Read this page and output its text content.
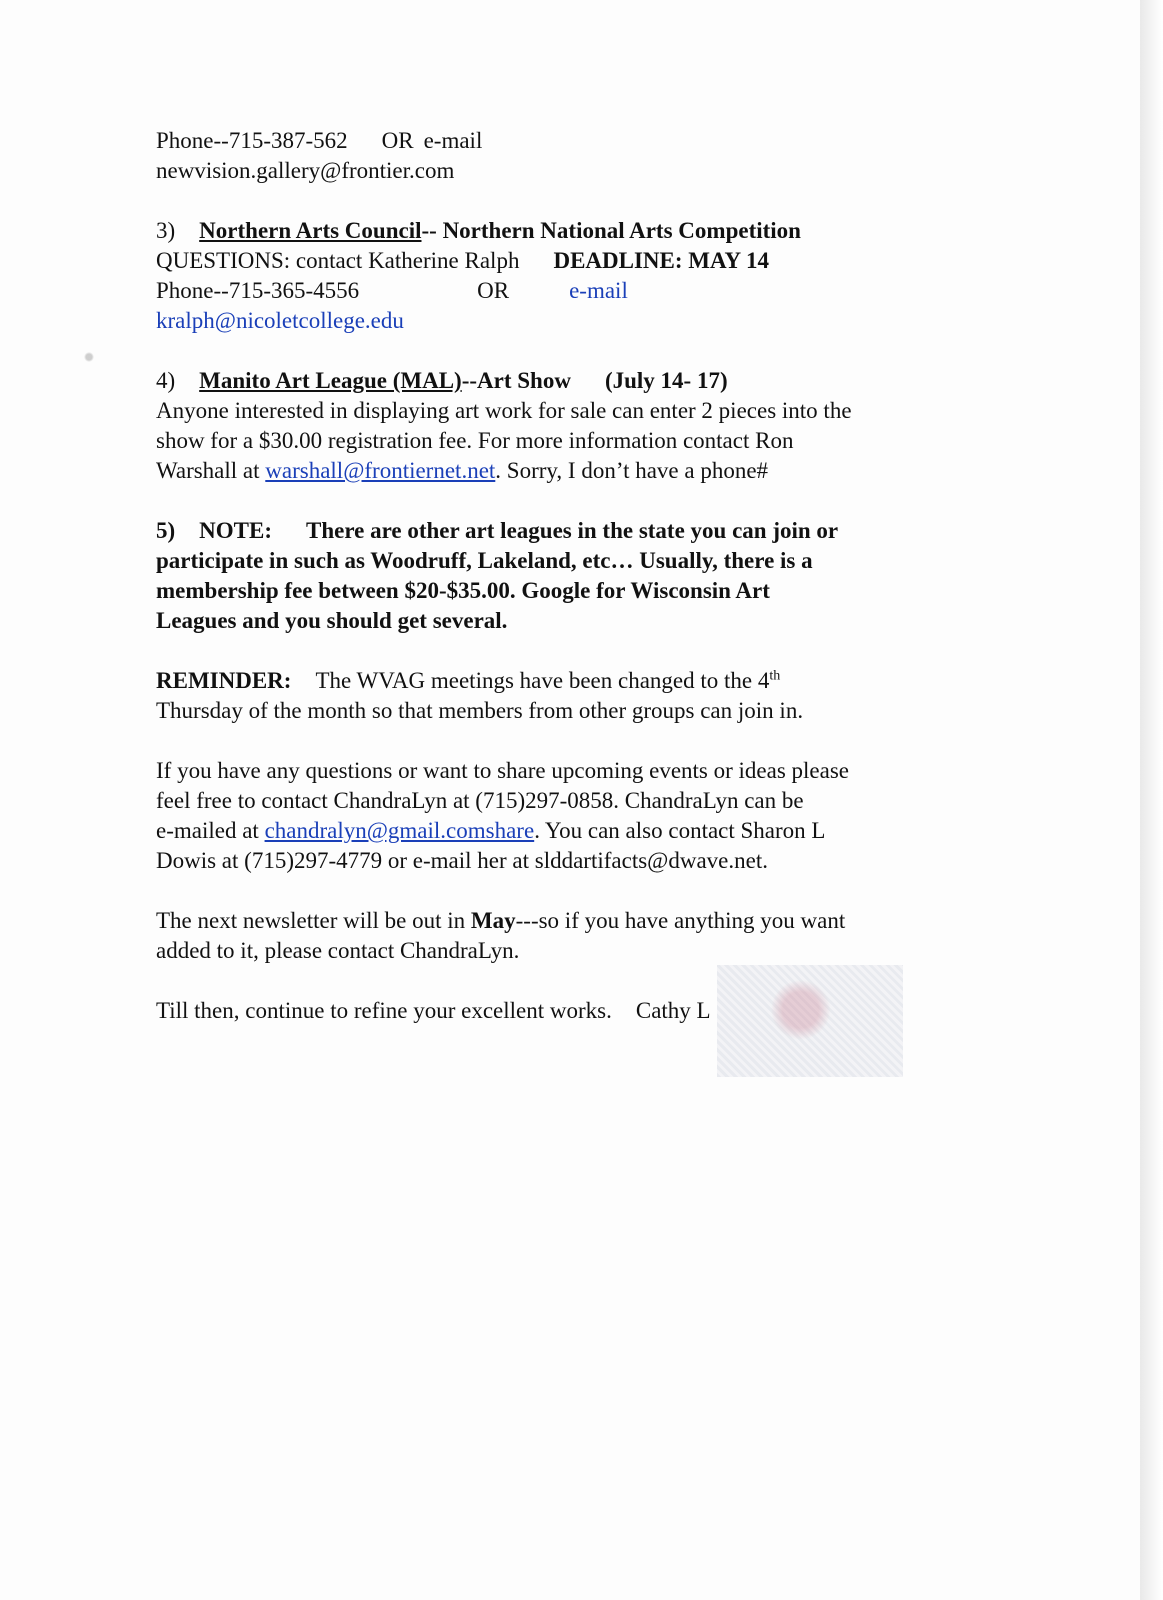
Phone--715-387-562 OR e-mail
newvision.gallery@frontier.com
3) Northern Arts Council-- Northern National Arts Competition
QUESTIONS: contact Katherine Ralph DEADLINE: MAY 14
Phone--715-365-4556	OR	e-mail
kralph@nicoletcollege.edu
4) Manito Art League (MAL)--Art Show (July 14- 17)
Anyone interested in displaying art work for sale can enter 2 pieces into the
show for a $30.00 registration fee. For more information contact Ron
Warshall at warshall@frontiernet.net. Sorry, I don’t have a phone#
5) NOTE: There are other art leagues in the state you can join or
participate in such as Woodruff, Lakeland, etc… Usually, there is a
membership fee between $20-$35.00. Google for Wisconsin Art
Leagues and you should get several.
REMINDER: The WVAG meetings have been changed to the 4th
Thursday of the month so that members from other groups can join in.
If you have any questions or want to share upcoming events or ideas please
feel free to contact ChandraLyn at (715)297-0858. ChandraLyn can be
e-mailed at chandralyn@gmail.comshare. You can also contact Sharon L
Dowis at (715)297-4779 or e-mail her at slddartifacts@dwave.net.
The next newsletter will be out in May---so if you have anything you want
added to it, please contact ChandraLyn.
Till then, continue to refine your excellent works. Cathy L
